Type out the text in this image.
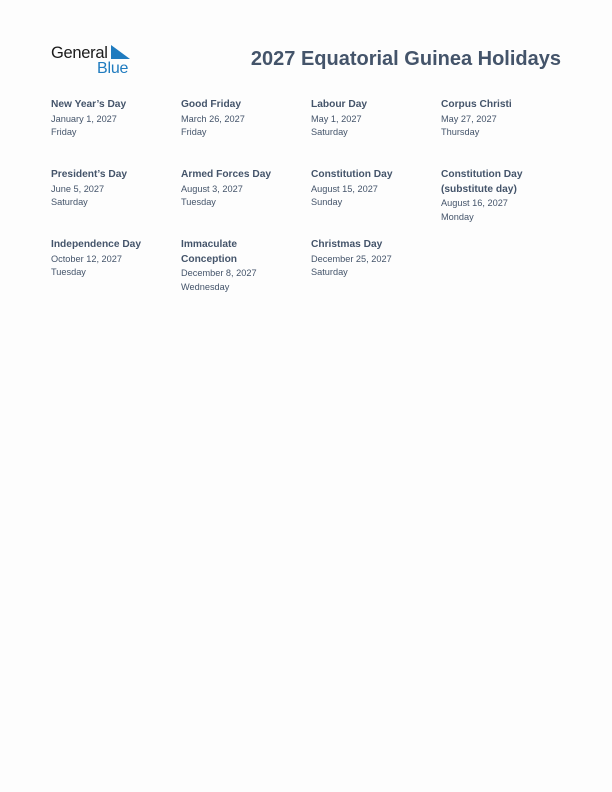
General
Blue	2027 Equatorial Guinea Holidays
New Year’s Day
January 1, 2027
Friday
Good Friday
March 26, 2027
Friday
Labour Day
May 1, 2027
Saturday
Corpus Christi
May 27, 2027
Thursday
President’s Day
June 5, 2027
Saturday
Armed Forces Day
August 3, 2027
Tuesday
Constitution Day
August 15, 2027
Sunday
Constitution Day (substitute day)
August 16, 2027
Monday
Independence Day
October 12, 2027
Tuesday
Immaculate Conception
December 8, 2027
Wednesday
Christmas Day
December 25, 2027
Saturday
